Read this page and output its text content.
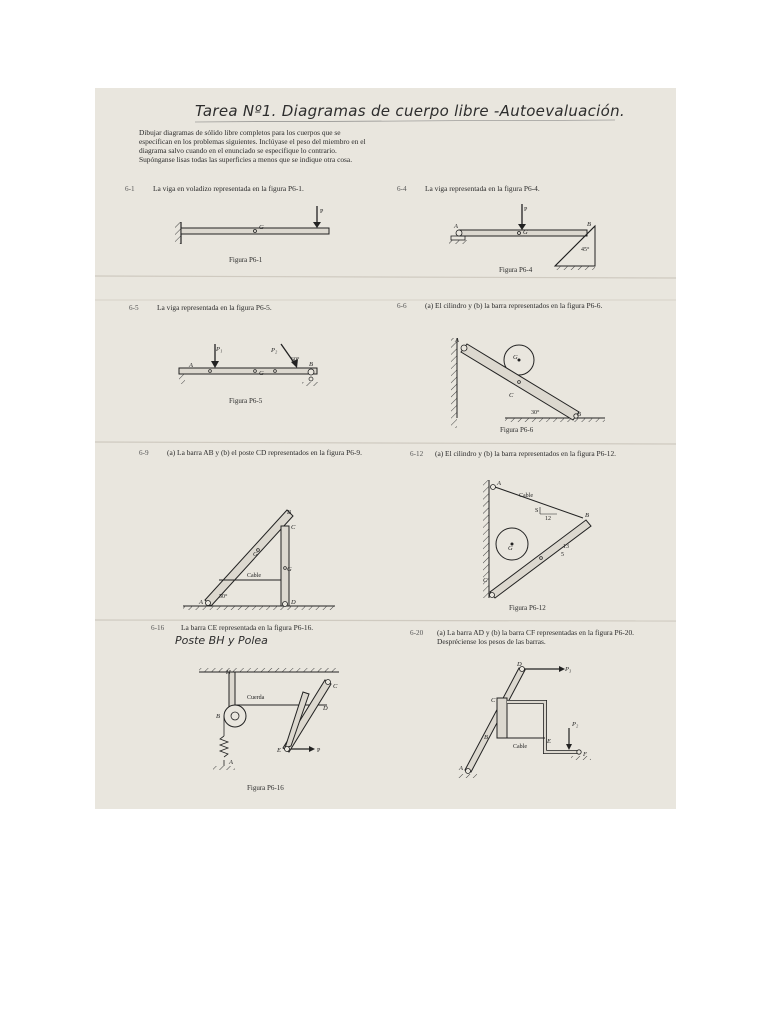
Tarea Nº1. Diagramas de cuerpo libre -Autoevaluación.

Dibujar diagramas de sólido libre completos para los cuerpos que se especifican en los problemas siguientes. Inclúyase el peso del miembro en el diagrama salvo cuando en el enunciado se especifique lo contrario. Supónganse lisas todas las superficies a menos que se indique otra cosa.

6-1 La viga en voladizo representada en la figura P6-1.	6-4 La viga representada en la figura P6-4.
6-5 La viga representada en la figura P6-5.	6-6 (a) El cilindro y (b) la barra representados en la figura P6-6.
6-9 (a) La barra AB y (b) el poste CD representados en la figura P6-9.	6-12 (a) El cilindro y (b) la barra representados en la figura P6-12.
6-16 La barra CE representada en la figura P6-16.
Poste BH y Polea
6-20 (a) La barra AD y (b) la barra CF representadas en la figura P6-20. Despréciense los pesos de las barras.
Figura P6-1
Figura P6-4
Figura P6-5
Figura P6-6
Figura P6-12
Figura P6-16
P
G
P
A
G
B
45°
P₁	P₂
60°
A
G
B
A
G
C
30°	B
B
C
G
G
Cable
50°
A	D
A
Cable
S
12	B
G	13
5
C
H
Cuerda
B
C
D
E	P
A
D
P₃
C
P₂
B
Cable
E
F
A
